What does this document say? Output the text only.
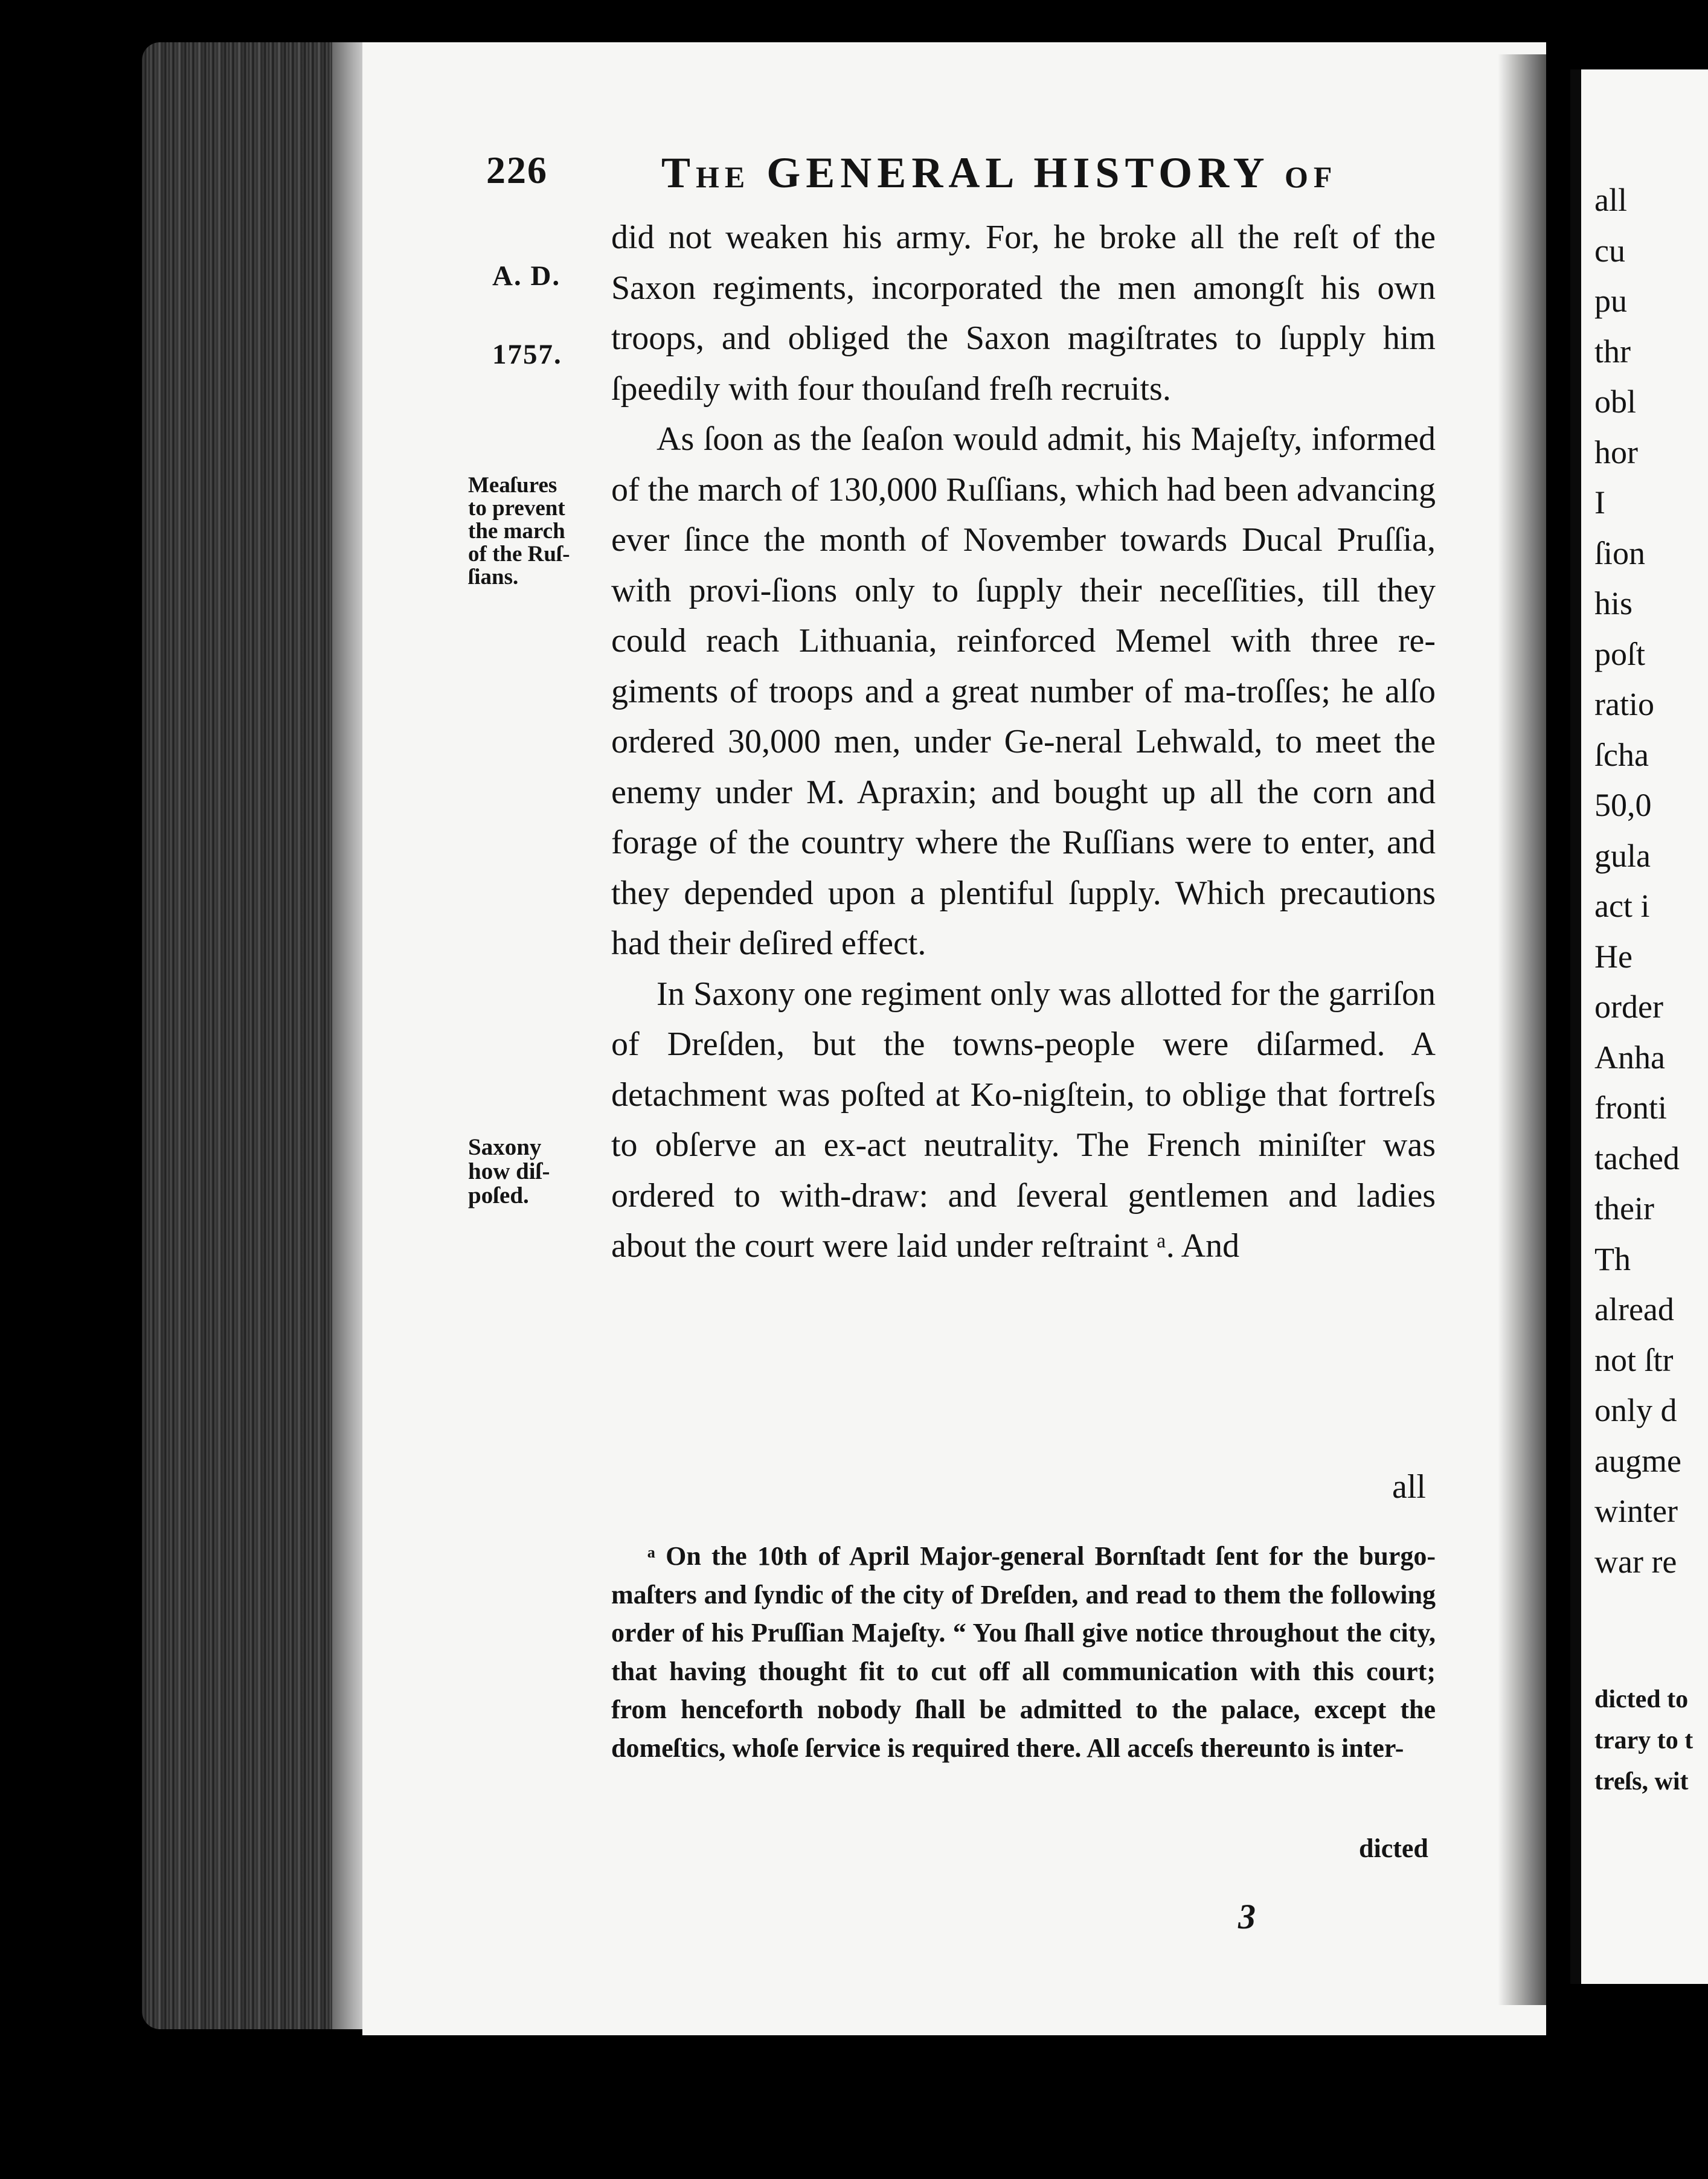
226	THE GENERAL HISTORY OF

A. D.

1757.

Meaſures
to prevent
the march
of the Ruſ-
ſians.
Saxony
how diſ-
poſed.

did not weaken his army. For, he broke all the reſt of the Saxon regiments, incorporated the men amongſt his own troops, and obliged the Saxon magiſtrates to ſupply him ſpeedily with four thouſand freſh recruits.

As ſoon as the ſeaſon would admit, his Majeſty, informed of the march of 130,000 Ruſſians, which had been advancing ever ſince the month of November towards Ducal Pruſſia, with provi-ſions only to ſupply their neceſſities, till they could reach Lithuania, reinforced Memel with three re-giments of troops and a great number of ma-troſſes; he alſo ordered 30,000 men, under Ge-neral Lehwald, to meet the enemy under M. Apraxin; and bought up all the corn and forage of the country where the Ruſſians were to enter, and they depended upon a plentiful ſupply. Which precautions had their deſired effect.

In Saxony one regiment only was allotted for the garriſon of Dreſden, but the towns-people were diſarmed. A detachment was poſted at Ko-nigſtein, to oblige that fortreſs to obſerve an ex-act neutrality. The French miniſter was ordered to with-draw: and ſeveral gentlemen and ladies about the court were laid under reſtraint ᵃ. And

all

ᵃ On the 10th of April Major-general Bornſtadt ſent for the burgo-maſters and ſyndic of the city of Dreſden, and read to them the following order of his Pruſſian Majeſty. “ You ſhall give notice throughout the city, that having thought fit to cut off all communication with this court; from henceforth nobody ſhall be admitted to the palace, except the domeſtics, whoſe ſervice is required there. All acceſs thereunto is inter-

dicted
3
all
cu
pu
thr
obl
hor
I
ſion
his
poſt
ratio
ſcha
50,0
gula
act i
He
order
Anha
fronti
tached
their
Th
alread
not ſtr
only d
augme
winter
war re
dicted to
trary to t
treſs, wit
